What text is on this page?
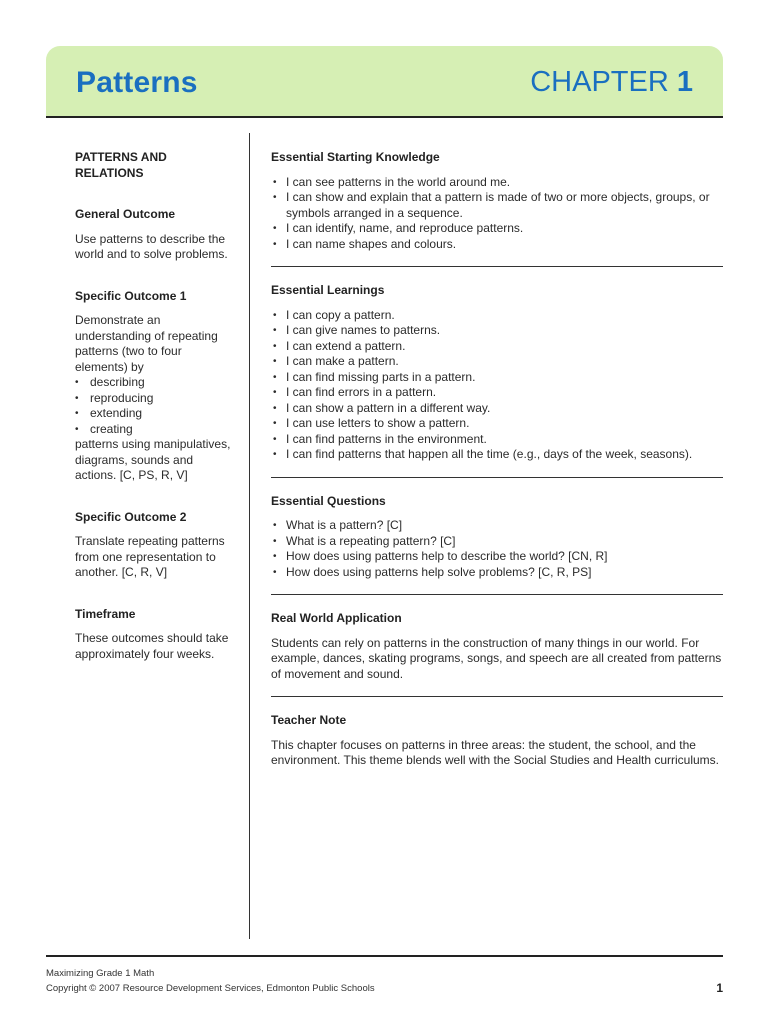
Patterns	CHAPTER 1
PATTERNS AND RELATIONS
General Outcome
Use patterns to describe the world and to solve problems.
Specific Outcome 1
Demonstrate an understanding of repeating patterns (two to four elements) by
• describing
• reproducing
• extending
• creating
patterns using manipulatives, diagrams, sounds and actions. [C, PS, R, V]
Specific Outcome 2
Translate repeating patterns from one representation to another. [C, R, V]
Timeframe
These outcomes should take approximately four weeks.
Essential Starting Knowledge
• I can see patterns in the world around me.
• I can show and explain that a pattern is made of two or more objects, groups, or symbols arranged in a sequence.
• I can identify, name, and reproduce patterns.
• I can name shapes and colours.
Essential Learnings
• I can copy a pattern.
• I can give names to patterns.
• I can extend a pattern.
• I can make a pattern.
• I can find missing parts in a pattern.
• I can find errors in a pattern.
• I can show a pattern in a different way.
• I can use letters to show a pattern.
• I can find patterns in the environment.
• I can find patterns that happen all the time (e.g., days of the week, seasons).
Essential Questions
• What is a pattern? [C]
• What is a repeating pattern? [C]
• How does using patterns help to describe the world? [CN, R]
• How does using patterns help solve problems? [C, R, PS]
Real World Application

Students can rely on patterns in the construction of many things in our world. For example, dances, skating programs, songs, and speech are all created from patterns of movement and sound.

Teacher Note

This chapter focuses on patterns in three areas: the student, the school, and the environment. This theme blends well with the Social Studies and Health curriculums.

Maximizing Grade 1 Math
Copyright © 2007 Resource Development Services, Edmonton Public Schools	1
